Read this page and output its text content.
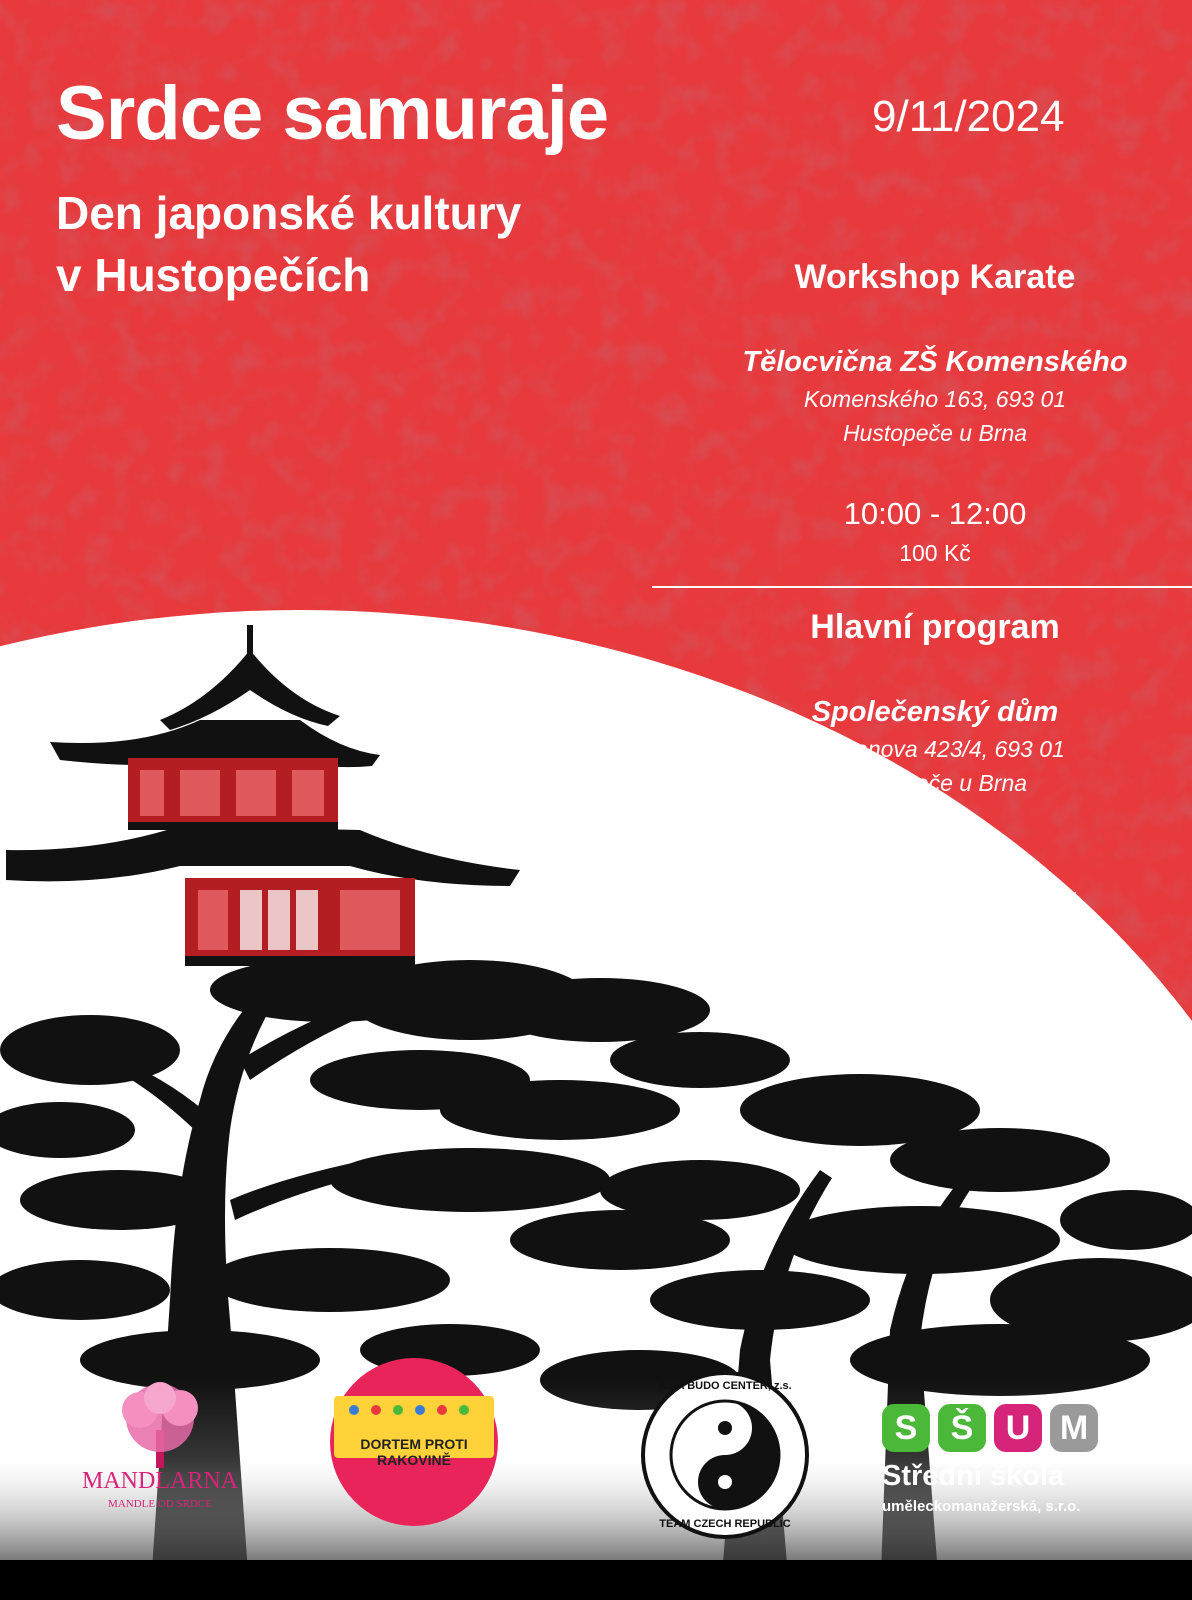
Srdce samuraje	9/11/2024
Den japonské kultury
v Hustopečích	Workshop Karate
Tělocvična ZŠ Komenského
Komenského 163, 693 01
Hustopeče u Brna
10:00 - 12:00
100 Kč
Hlavní program
Společenský dům
Herbenova 423/4, 693 01
Hustopeče u Brna
14:00 - 17:00
Děti (do 13 let) 100 Kč
Dospělí	200 Kč
MANDLARNA
MANDLE OD SRDCE
DORTEM PROTI RAKOVINĚ
ASIA BUDO CENTER, z.s.
TEAM CZECH REPUBLIC
S Š U M
Střední škola
uměleckomanažerská, s.r.o.
